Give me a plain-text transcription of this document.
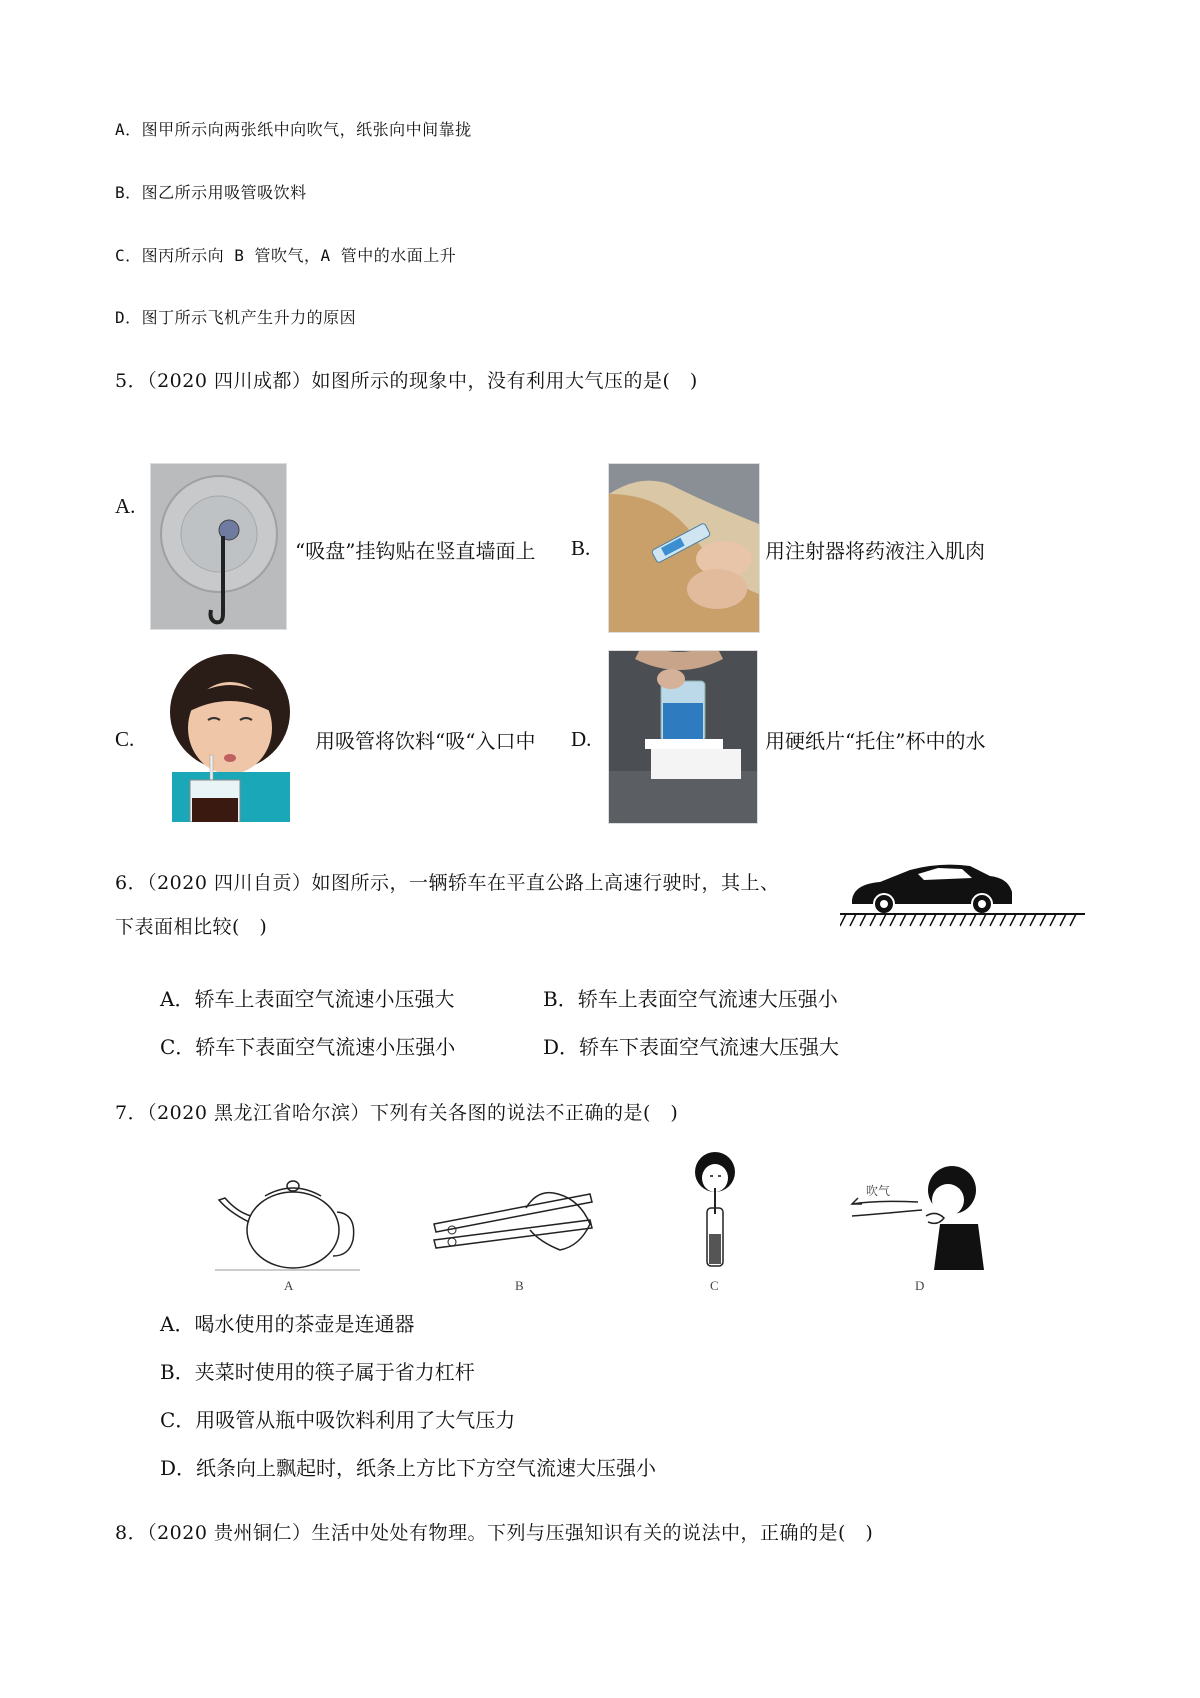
A．图甲所示向两张纸中向吹气，纸张向中间靠拢
B．图乙所示用吸管吸饮料
C．图丙所示向 B 管吹气，A 管中的水面上升
D．图丁所示飞机产生升力的原因
5．（2020 四川成都）如图所示的现象中，没有利用大气压的是(　)
A.
“吸盘”挂钩贴在竖直墙面上 B.	用注射器将药液注入肌肉
C.	用吸管将饮料“吸“入口中 D.	用硬纸片“托住”杯中的水
6．（2020 四川自贡）如图所示，一辆轿车在平直公路上高速行驶时，其上、
下表面相比较(　)
A．轿车上表面空气流速小压强大	B．轿车上表面空气流速大压强小
C．轿车下表面空气流速小压强小	D．轿车下表面空气流速大压强大
7．（2020 黑龙江省哈尔滨）下列有关各图的说法不正确的是(　)
A	B	C
吹气
D
A．喝水使用的茶壶是连通器
B．夹菜时使用的筷子属于省力杠杆
C．用吸管从瓶中吸饮料利用了大气压力
D．纸条向上飘起时，纸条上方比下方空气流速大压强小
8．（2020 贵州铜仁）生活中处处有物理。下列与压强知识有关的说法中，正确的是(　)
